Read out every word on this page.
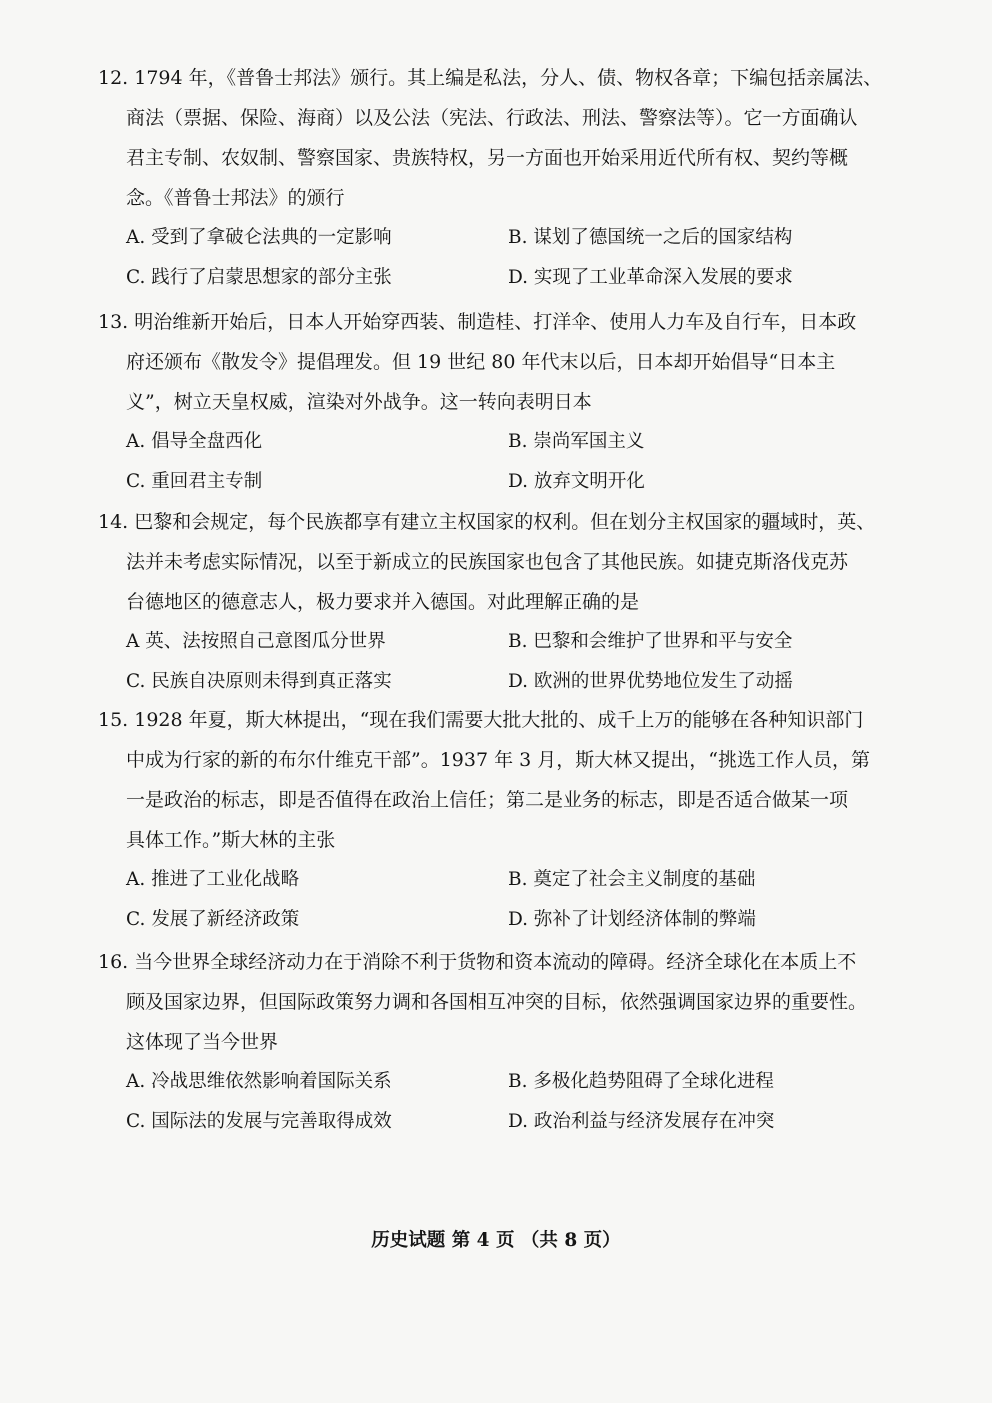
12. 1794 年，《普鲁士邦法》颁行。其上编是私法，分人、债、物权各章；下编包括亲属法、
商法（票据、保险、海商）以及公法（宪法、行政法、刑法、警察法等）。它一方面确认
君主专制、农奴制、警察国家、贵族特权，另一方面也开始采用近代所有权、契约等概
念。《普鲁士邦法》的颁行
A. 受到了拿破仑法典的一定影响	B. 谋划了德国统一之后的国家结构
C. 践行了启蒙思想家的部分主张	D. 实现了工业革命深入发展的要求
13. 明治维新开始后，日本人开始穿西装、制造桂、打洋伞、使用人力车及自行车，日本政
府还颁布《散发令》提倡理发。但 19 世纪 80 年代末以后，日本却开始倡导“日本主
义”，树立天皇权威，渲染对外战争。这一转向表明日本
A. 倡导全盘西化	B. 崇尚军国主义
C. 重回君主专制	D. 放弃文明开化
14. 巴黎和会规定，每个民族都享有建立主权国家的权利。但在划分主权国家的疆域时，英、
法并未考虑实际情况，以至于新成立的民族国家也包含了其他民族。如捷克斯洛伐克苏
台德地区的德意志人，极力要求并入德国。对此理解正确的是
A 英、法按照自己意图瓜分世界	B. 巴黎和会维护了世界和平与安全
C. 民族自决原则未得到真正落实	D. 欧洲的世界优势地位发生了动摇
15. 1928 年夏，斯大林提出，“现在我们需要大批大批的、成千上万的能够在各种知识部门
中成为行家的新的布尔什维克干部”。1937 年 3 月，斯大林又提出，“挑选工作人员，第
一是政治的标志，即是否值得在政治上信任；第二是业务的标志，即是否适合做某一项
具体工作。”斯大林的主张
A. 推进了工业化战略	B. 奠定了社会主义制度的基础
C. 发展了新经济政策	D. 弥补了计划经济体制的弊端
16. 当今世界全球经济动力在于消除不利于货物和资本流动的障碍。经济全球化在本质上不
顾及国家边界，但国际政策努力调和各国相互冲突的目标，依然强调国家边界的重要性。
这体现了当今世界
A. 冷战思维依然影响着国际关系	B. 多极化趋势阻碍了全球化进程
C. 国际法的发展与完善取得成效	D. 政治利益与经济发展存在冲突
历史试题 第 4 页 （共 8 页）
